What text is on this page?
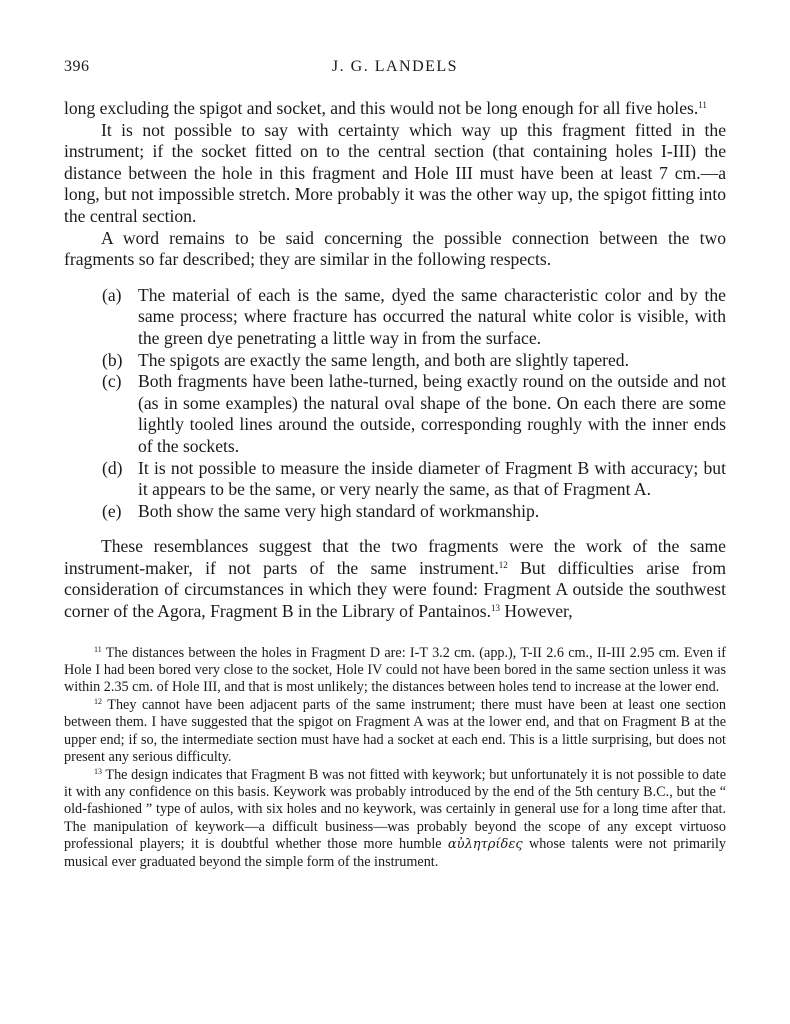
396	J. G. LANDELS

long excluding the spigot and socket, and this would not be long enough for all five holes.$^{11}$

It is not possible to say with certainty which way up this fragment fitted in the instrument; if the socket fitted on to the central section (that containing holes I-III) the distance between the hole in this fragment and Hole III must have been at least 7 cm.—a long, but not impossible stretch. More probably it was the other way up, the spigot fitting into the central section.

A word remains to be said concerning the possible connection between the two fragments so far described; they are similar in the following respects.

(a) The material of each is the same, dyed the same characteristic color and by the same process; where fracture has occurred the natural white color is visible, with the green dye penetrating a little way in from the surface.
(b) The spigots are exactly the same length, and both are slightly tapered.
(c) Both fragments have been lathe-turned, being exactly round on the outside and not (as in some examples) the natural oval shape of the bone. On each there are some lightly tooled lines around the outside, corresponding roughly with the inner ends of the sockets.
(d) It is not possible to measure the inside diameter of Fragment B with accuracy; but it appears to be the same, or very nearly the same, as that of Fragment A.
(e) Both show the same very high standard of workmanship.

These resemblances suggest that the two fragments were the work of the same instrument-maker, if not parts of the same instrument.$^{12}$ But difficulties arise from consideration of circumstances in which they were found: Fragment A outside the southwest corner of the Agora, Fragment B in the Library of Pantainos.$^{13}$ However,

$^{11}$ The distances between the holes in Fragment D are: I-T 3.2 cm. (app.), T-II 2.6 cm., II-III 2.95 cm. Even if Hole I had been bored very close to the socket, Hole IV could not have been bored in the same section unless it was within 2.35 cm. of Hole III, and that is most unlikely; the distances between holes tend to increase at the lower end.

$^{12}$ They cannot have been adjacent parts of the same instrument; there must have been at least one section between them. I have suggested that the spigot on Fragment A was at the lower end, and that on Fragment B at the upper end; if so, the intermediate section must have had a socket at each end. This is a little surprising, but does not present any serious difficulty.

$^{13}$ The design indicates that Fragment B was not fitted with keywork; but unfortunately it is not possible to date it with any confidence on this basis. Keywork was probably introduced by the end of the 5th century B.C., but the “ old-fashioned ” type of aulos, with six holes and no keywork, was certainly in general use for a long time after that. The manipulation of keywork—a difficult business—was probably beyond the scope of any except virtuoso professional players; it is doubtful whether those more humble αὐλητρίδες whose talents were not primarily musical ever graduated beyond the simple form of the instrument.
